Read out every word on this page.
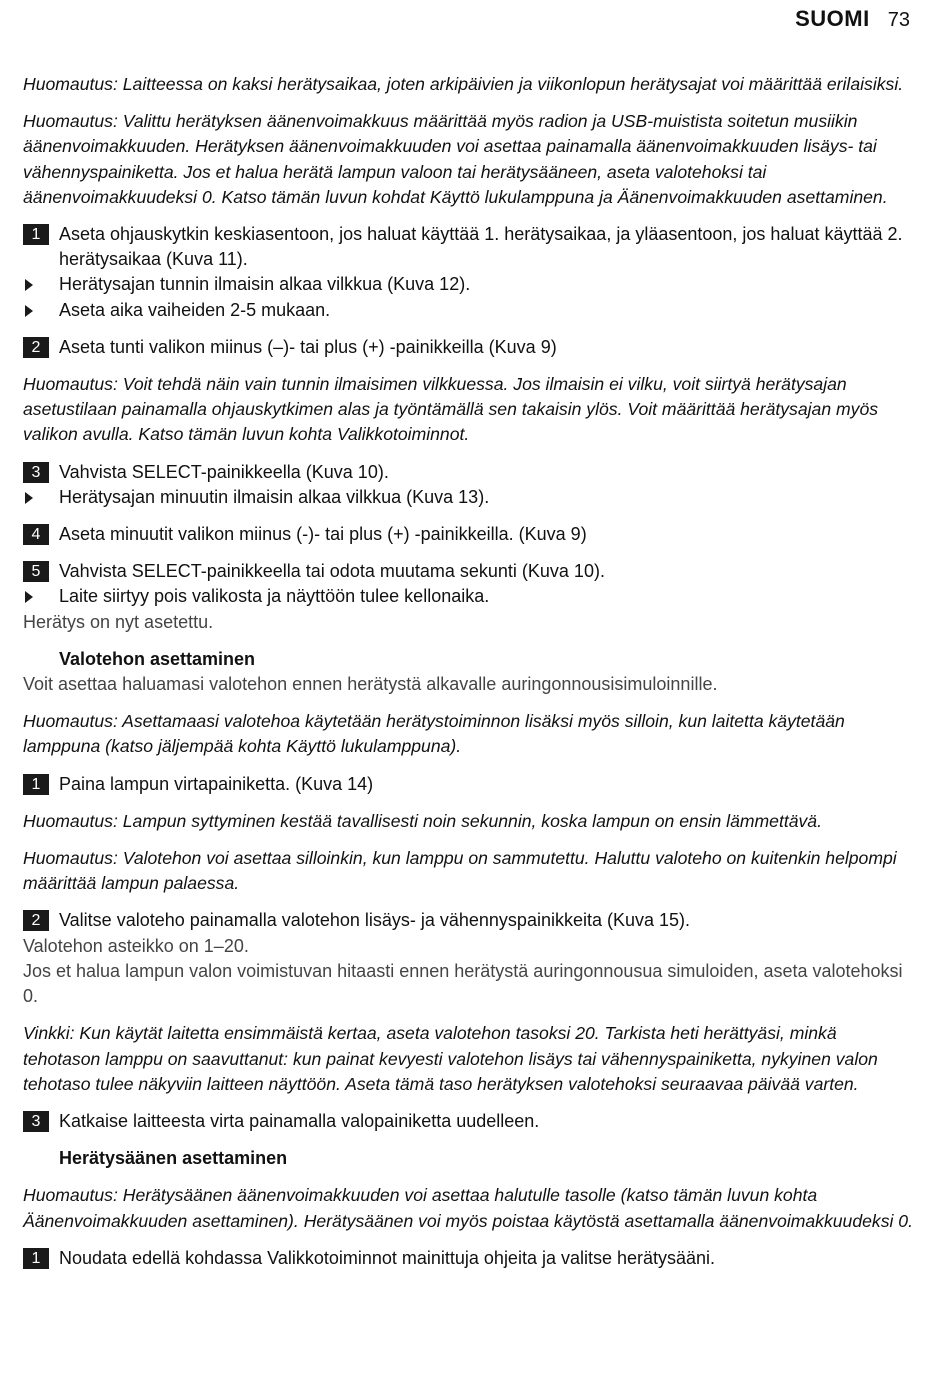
SUOMI 73
Huomautus: Laitteessa on kaksi herätysaikaa, joten arkipäivien ja viikonlopun herätysajat voi määrittää erilaisiksi.
Huomautus: Valittu herätyksen äänenvoimakkuus määrittää myös radion ja USB-muistista soitetun musiikin äänenvoimakkuuden. Herätyksen äänenvoimakkuuden voi asettaa painamalla äänenvoimakkuuden lisäys- tai vähennyspainiketta. Jos et halua herätä lampun valoon tai herätysääneen, aseta valotehoksi tai äänenvoimakkuudeksi 0. Katso tämän luvun kohdat Käyttö lukulamppuna ja Äänenvoimakkuuden asettaminen.
1	Aseta ohjauskytkin keskiasentoon, jos haluat käyttää 1. herätysaikaa, ja yläasentoon, jos haluat käyttää 2. herätysaikaa (Kuva 11).
Herätysajan tunnin ilmaisin alkaa vilkkua (Kuva 12).
Aseta aika vaiheiden 2-5 mukaan.
2	Aseta tunti valikon miinus (–)- tai plus (+) -painikkeilla (Kuva 9)
Huomautus: Voit tehdä näin vain tunnin ilmaisimen vilkkuessa. Jos ilmaisin ei vilku, voit siirtyä herätysajan asetustilaan painamalla ohjauskytkimen alas ja työntämällä sen takaisin ylös. Voit määrittää herätysajan myös valikon avulla. Katso tämän luvun kohta Valikkotoiminnot.
3	Vahvista SELECT-painikkeella (Kuva 10).
Herätysajan minuutin ilmaisin alkaa vilkkua (Kuva 13).
4	Aseta minuutit valikon miinus (-)- tai plus (+) -painikkeilla. (Kuva 9)
5	Vahvista SELECT-painikkeella tai odota muutama sekunti (Kuva 10).
Laite siirtyy pois valikosta ja näyttöön tulee kellonaika.
Herätys on nyt asetettu.
Valotehon asettaminen
Voit asettaa haluamasi valotehon ennen herätystä alkavalle auringonnousisimuloinnille.
Huomautus: Asettamaasi valotehoa käytetään herätystoiminnon lisäksi myös silloin, kun laitetta käytetään lamppuna (katso jäljempää kohta Käyttö lukulamppuna).
1	Paina lampun virtapainiketta. (Kuva 14)
Huomautus: Lampun syttyminen kestää tavallisesti noin sekunnin, koska lampun on ensin lämmettävä.
Huomautus: Valotehon voi asettaa silloinkin, kun lamppu on sammutettu. Haluttu valoteho on kuitenkin helpompi määrittää lampun palaessa.
2	Valitse valoteho painamalla valotehon lisäys- ja vähennyspainikkeita (Kuva 15).
Valotehon asteikko on 1–20.
Jos et halua lampun valon voimistuvan hitaasti ennen herätystä auringonnousua simuloiden, aseta valotehoksi 0.
Vinkki: Kun käytät laitetta ensimmäistä kertaa, aseta valotehon tasoksi 20. Tarkista heti herättyäsi, minkä tehotason lamppu on saavuttanut: kun painat kevyesti valotehon lisäys tai vähennyspainiketta, nykyinen valon tehotaso tulee näkyviin laitteen näyttöön. Aseta tämä taso herätyksen valotehoksi seuraavaa päivää varten.
3	Katkaise laitteesta virta painamalla valopainiketta uudelleen.
Herätysäänen asettaminen
Huomautus: Herätysäänen äänenvoimakkuuden voi asettaa halutulle tasolle (katso tämän luvun kohta Äänenvoimakkuuden asettaminen). Herätysäänen voi myös poistaa käytöstä asettamalla äänenvoimakkuudeksi 0.
1	Noudata edellä kohdassa Valikkotoiminnot mainittuja ohjeita ja valitse herätysääni.
